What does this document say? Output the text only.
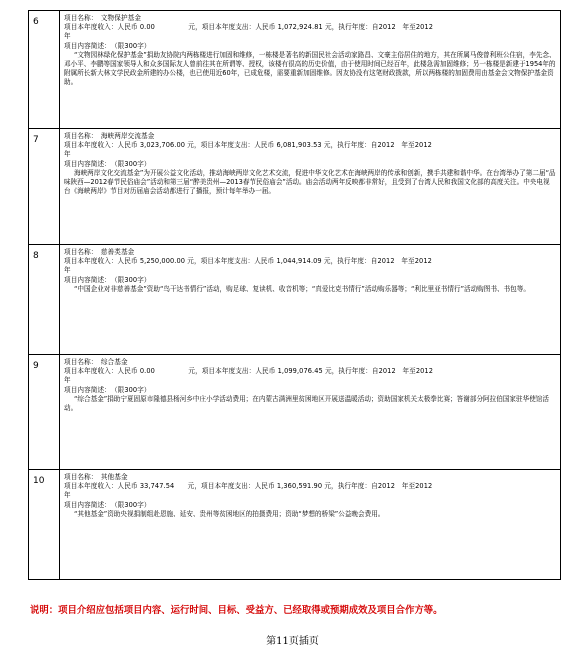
6	项目名称：　文物保护基金
项目本年度收入：人民币 0.00　　　　　元，项目本年度支出：人民币 1,072,924.81 元，执行年度：自2012　年至2012
年
项目内容简述：　（限300字）

“文物园林绿化保护基金”捐助友协院内两栋楼进行加固和维修，一栋楼是著名的新国民社会活动家路昌、文豪主俗居住的地方，其在所属马俊曾利班公住宿，李先念、邓小平、李鹏等国家领导人和众多国际友人曾前往其在所谓等、授权，该楼有很高的历史价值，由于使用时间已经百年，此楼急需加固维修；另一栋楼是新建于1954年的 附属所长新大林文学民政金所建的办公楼，也已使用近60年，已成危楼，需要重新加固维修。因友协没有这笔财政拨款，所以两栋楼的加固费用由基金会文物保护基金资助。

7	项目名称：　海峡两岸交流基金
项目本年度收入：人民币 3,023,706.00 元，项目本年度支出：人民币 6,081,903.53 元，执行年度：自2012　年至2012
年
项目内容简述：　（限300字）

海峡两岸文化交流基金”为开展公益文化活动，推动海峡两岸文化艺术交流，促进中华文化艺术在海峡两岸的传承和创新，携手共建和谐中华。在台湾举办了第二届“品味陕西—2012春节民俗庙会”活动和第三届“醉美贵州—2013春节民俗庙会”活动。庙会活动两年反映都非常好，且受到了台湾人民和我国文化部的高度关注。中央电视台《海峡两岸》节目对历届庙会活动都进行了播报，预计每年举办一届。

8	项目名称：　慈善类基金
项目本年度收入：人民币 5,250,000.00 元，项目本年度支出：人民币 1,044,914.09 元，执行年度：自2012　年至2012
年
项目内容简述：　（限300字）

“中国企业对非慈善基金”资助“鸟干达书情行”活动，购足球、复读机、收音机等；“真爱比克书情行”活动购乐器等；“利比里亚书情行”活动购图书、书包等。

9	项目名称：　综合基金
项目本年度收入：人民币 0.00　　　　　元，项目本年度支出：人民币 1,099,076.45 元，执行年度：自2012　年至2012
年
项目内容简述：　（限300字）

“综合基金”捐助宁夏固原市隆德县杨河乡中庄小学活动费用；在内蒙古满洲里贫困地区开展送温暖活动；资助国家机关太极拳比赛；答谢部分阿拉伯国家驻华使馆活动。

10	项目名称：　其他基金
项目本年度收入：人民币 33,747.54　　元，项目本年度支出：人民币 1,360,591.90 元，执行年度：自2012　年至2012
年
项目内容简述：　（限300字）

“其他基金”资助央视捐制组赴恩施、延安、贵州等贫困地区的拍摄费用；资助“梦想的桥梁”公益晚会费用。

说明：项目介绍应包括项目内容、运行时间、目标、受益方、已经取得或预期成效及项目合作方等。
第11页插页
